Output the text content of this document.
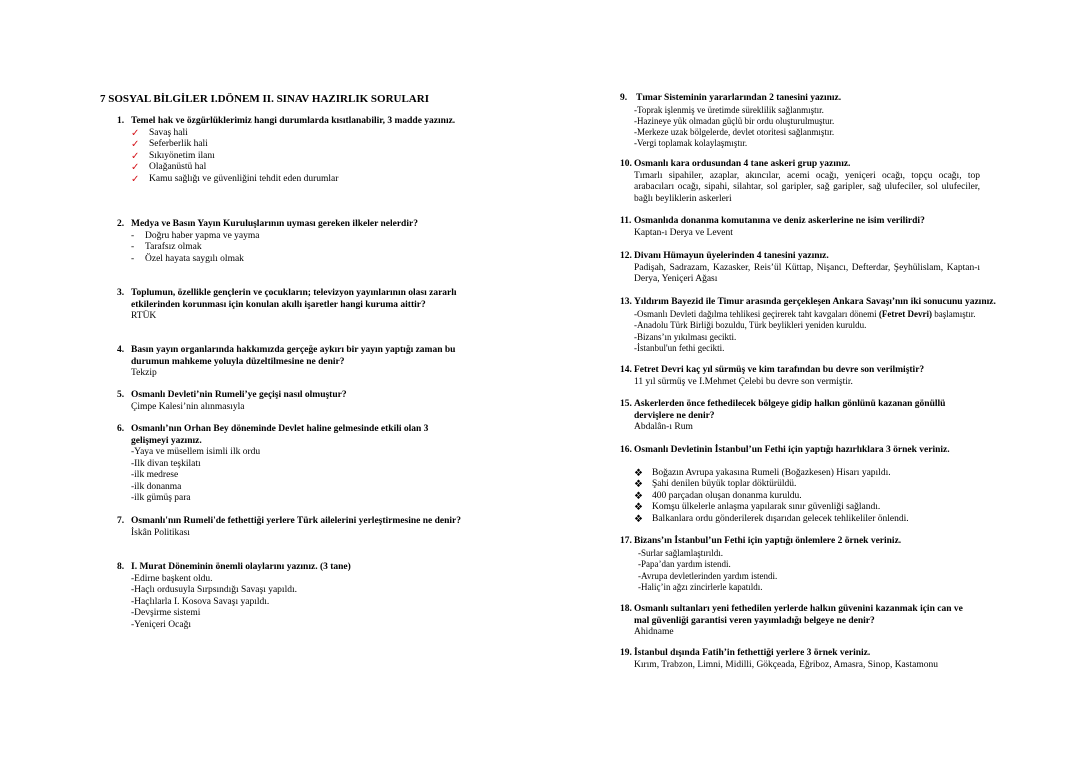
7 SOSYAL BİLGİLER I.DÖNEM II. SINAV HAZIRLIK SORULARI
1. Temel hak ve özgürlüklerimiz hangi durumlarda kısıtlanabilir, 3 madde yazınız.
✓	Savaş hali
✓	Seferberlik hali
✓	Sıkıyönetim ilanı
✓	Olağanüstü hal
✓	Kamu sağlığı ve güvenliğini tehdit eden durumlar
2. Medya ve Basın Yayın Kuruluşlarının uyması gereken ilkeler nelerdir?
-	Doğru haber yapma ve yayma
-	Tarafsız olmak
-	Özel hayata saygılı olmak
3. Toplumun, özellikle gençlerin ve çocukların; televizyon yayınlarının olası zararlı etkilerinden korunması için konulan akıllı işaretler hangi kuruma aittir?
RTÜK
4. Basın yayın organlarında hakkımızda gerçeğe aykırı bir yayın yaptığı zaman bu durumun mahkeme yoluyla düzeltilmesine ne denir?
Tekzip
5. Osmanlı Devleti’nin Rumeli’ye geçişi nasıl olmuştur?
Çimpe Kalesi’nin alınmasıyla
6. Osmanlı’nın Orhan Bey döneminde Devlet haline gelmesinde etkili olan 3 gelişmeyi yazınız.
-Yaya ve müsellem isimli ilk ordu
-İlk divan teşkilatı
-ilk medrese
-ilk donanma
-ilk gümüş para
7. Osmanlı'nın Rumeli'de fethettiği yerlere Türk ailelerini yerleştirmesine ne denir?
İskân Politikası
8. I. Murat Döneminin önemli olaylarını yazınız. (3 tane)
-Edirne başkent oldu.
-Haçlı ordusuyla Sırpsındığı Savaşı yapıldı.
-Haçlılarla I. Kosova Savaşı yapıldı.
-Devşirme sistemi
-Yeniçeri Ocağı
9. Tımar Sisteminin yararlarından 2 tanesini yazınız.
-Toprak işlenmiş ve üretimde süreklilik sağlanmıştır.
-Hazineye yük olmadan güçlü bir ordu oluşturulmuştur.
-Merkeze uzak bölgelerde, devlet otoritesi sağlanmıştır.
-Vergi toplamak kolaylaşmıştır.
10. Osmanlı kara ordusundan 4 tane askeri grup yazınız.
Tımarlı sipahiler, azaplar, akıncılar, acemi ocağı, yeniçeri ocağı, topçu ocağı, top arabacıları ocağı, sipahi, silahtar, sol garipler, sağ garipler, sağ ulufeciler, sol ulufeciler, bağlı beyliklerin askerleri
11. Osmanlıda donanma komutanına ve deniz askerlerine ne isim verilirdi?
Kaptan-ı Derya ve Levent
12. Divanı Hümayun üyelerinden 4 tanesini yazınız.
Padişah, Sadrazam, Kazasker, Reis’ül Küttap, Nişancı, Defterdar, Şeyhülislam, Kaptan-ı Derya, Yeniçeri Ağası
13. Yıldırım Bayezid ile Timur arasında gerçekleşen Ankara Savaşı’nın iki sonucunu yazınız.
-Osmanlı Devleti dağılma tehlikesi geçirerek taht kavgaları dönemi (Fetret Devri) başlamıştır.
-Anadolu Türk Birliği bozuldu, Türk beylikleri yeniden kuruldu.
-Bizans’ın yıkılması gecikti.
-İstanbul'un fethi gecikti.
14. Fetret Devri kaç yıl sürmüş ve kim tarafından bu devre son verilmiştir?
11 yıl sürmüş ve I.Mehmet Çelebi bu devre son vermiştir.
15. Askerlerden önce fethedilecek bölgeye gidip halkın gönlünü kazanan gönüllü dervişlere ne denir?
Abdalân-ı Rum
16. Osmanlı Devletinin İstanbul’un Fethi için yaptığı hazırlıklara 3 örnek veriniz.
❖ Boğazın Avrupa yakasına Rumeli (Boğazkesen) Hisarı yapıldı.
❖ Şahi denilen büyük toplar döktürüldü.
❖ 400 parçadan oluşan donanma kuruldu.
❖ Komşu ülkelerle anlaşma yapılarak sınır güvenliği sağlandı.
❖ Balkanlara ordu gönderilerek dışarıdan gelecek tehlikeliler önlendi.
17. Bizans’ın İstanbul’un Fethi için yaptığı önlemlere 2 örnek veriniz.
-Surlar sağlamlaştırıldı.
-Papa’dan yardım istendi.
-Avrupa devletlerinden yardım istendi.
-Haliç’in ağzı zincirlerle kapatıldı.
18. Osmanlı sultanları yeni fethedilen yerlerde halkın güvenini kazanmak için can ve mal güvenliği garantisi veren yayımladığı belgeye ne denir?
Ahidname
19. İstanbul dışında Fatih’in fethettiği yerlere 3 örnek veriniz.
Kırım, Trabzon, Limni, Midilli, Gökçeada, Eğriboz, Amasra, Sinop, Kastamonu
